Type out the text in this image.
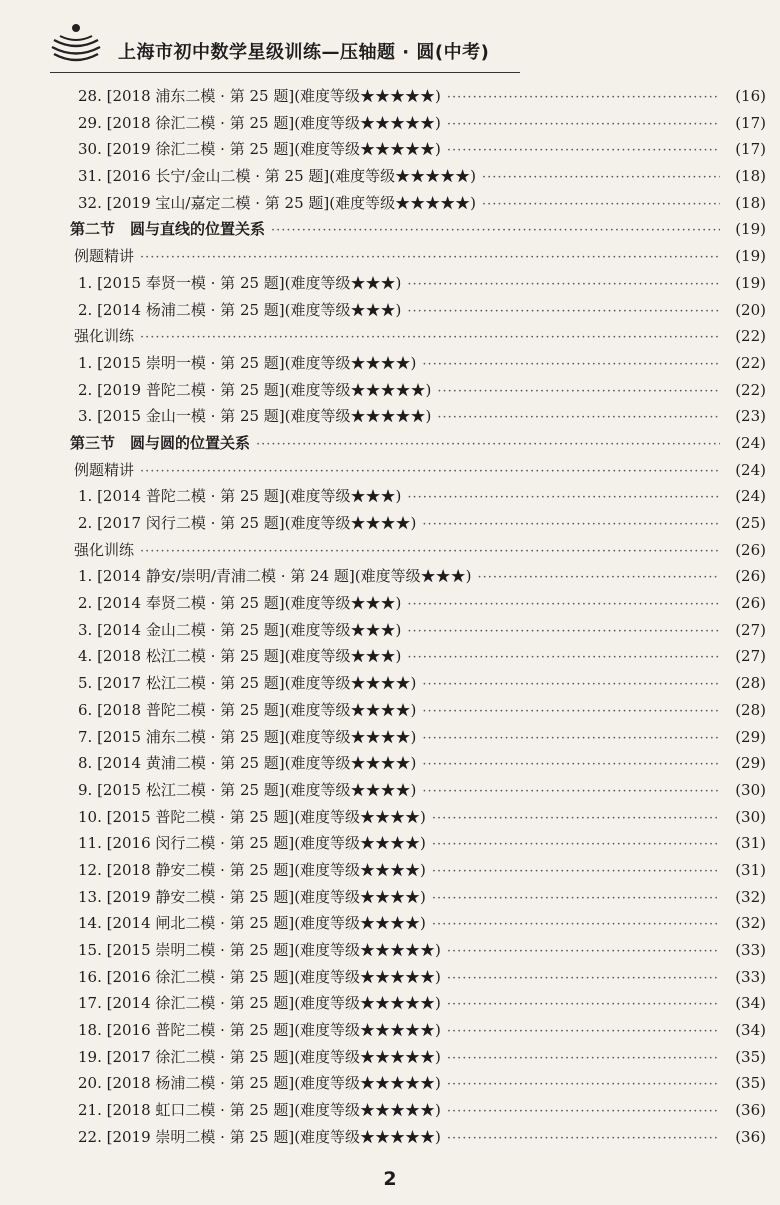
上海市初中数学星级训练—压轴题 · 圆(中考)
28. [2018 浦东二模 · 第 25 题](难度等级★★★★★) ·····	(16)
29. [2018 徐汇二模 · 第 25 题](难度等级★★★★★) ·····	(17)
30. [2019 徐汇二模 · 第 25 题](难度等级★★★★★) ·····	(17)
31. [2016 长宁/金山二模 · 第 25 题](难度等级★★★★★) ·····	(18)
32. [2019 宝山/嘉定二模 · 第 25 题](难度等级★★★★★) ·····	(18)
第二节　圆与直线的位置关系 ·····	(19)
例题精讲 ·····	(19)
1. [2015 奉贤一模 · 第 25 题](难度等级★★★) ·····	(19)
2. [2014 杨浦二模 · 第 25 题](难度等级★★★) ·····	(20)
强化训练 ·····	(22)
1. [2015 崇明一模 · 第 25 题](难度等级★★★★) ·····	(22)
2. [2019 普陀二模 · 第 25 题](难度等级★★★★★) ·····	(22)
3. [2015 金山一模 · 第 25 题](难度等级★★★★★) ·····	(23)
第三节　圆与圆的位置关系 ·····	(24)
例题精讲 ·····	(24)
1. [2014 普陀二模 · 第 25 题](难度等级★★★) ·····	(24)
2. [2017 闵行二模 · 第 25 题](难度等级★★★★) ·····	(25)
强化训练 ·····	(26)
1. [2014 静安/崇明/青浦二模 · 第 24 题](难度等级★★★) ·····	(26)
2. [2014 奉贤二模 · 第 25 题](难度等级★★★) ·····	(26)
3. [2014 金山二模 · 第 25 题](难度等级★★★) ·····	(27)
4. [2018 松江二模 · 第 25 题](难度等级★★★) ·····	(27)
5. [2017 松江二模 · 第 25 题](难度等级★★★★) ·····	(28)
6. [2018 普陀二模 · 第 25 题](难度等级★★★★) ·····	(28)
7. [2015 浦东二模 · 第 25 题](难度等级★★★★) ·····	(29)
8. [2014 黄浦二模 · 第 25 题](难度等级★★★★) ·····	(29)
9. [2015 松江二模 · 第 25 题](难度等级★★★★) ·····	(30)
10. [2015 普陀二模 · 第 25 题](难度等级★★★★) ·····	(30)
11. [2016 闵行二模 · 第 25 题](难度等级★★★★) ·····	(31)
12. [2018 静安二模 · 第 25 题](难度等级★★★★) ·····	(31)
13. [2019 静安二模 · 第 25 题](难度等级★★★★) ·····	(32)
14. [2014 闸北二模 · 第 25 题](难度等级★★★★) ·····	(32)
15. [2015 崇明二模 · 第 25 题](难度等级★★★★★) ·····	(33)
16. [2016 徐汇二模 · 第 25 题](难度等级★★★★★) ·····	(33)
17. [2014 徐汇二模 · 第 25 题](难度等级★★★★★) ·····	(34)
18. [2016 普陀二模 · 第 25 题](难度等级★★★★★) ·····	(34)
19. [2017 徐汇二模 · 第 25 题](难度等级★★★★★) ·····	(35)
20. [2018 杨浦二模 · 第 25 题](难度等级★★★★★) ·····	(35)
21. [2018 虹口二模 · 第 25 题](难度等级★★★★★) ·····	(36)
22. [2019 崇明二模 · 第 25 题](难度等级★★★★★) ·····	(36)
2
